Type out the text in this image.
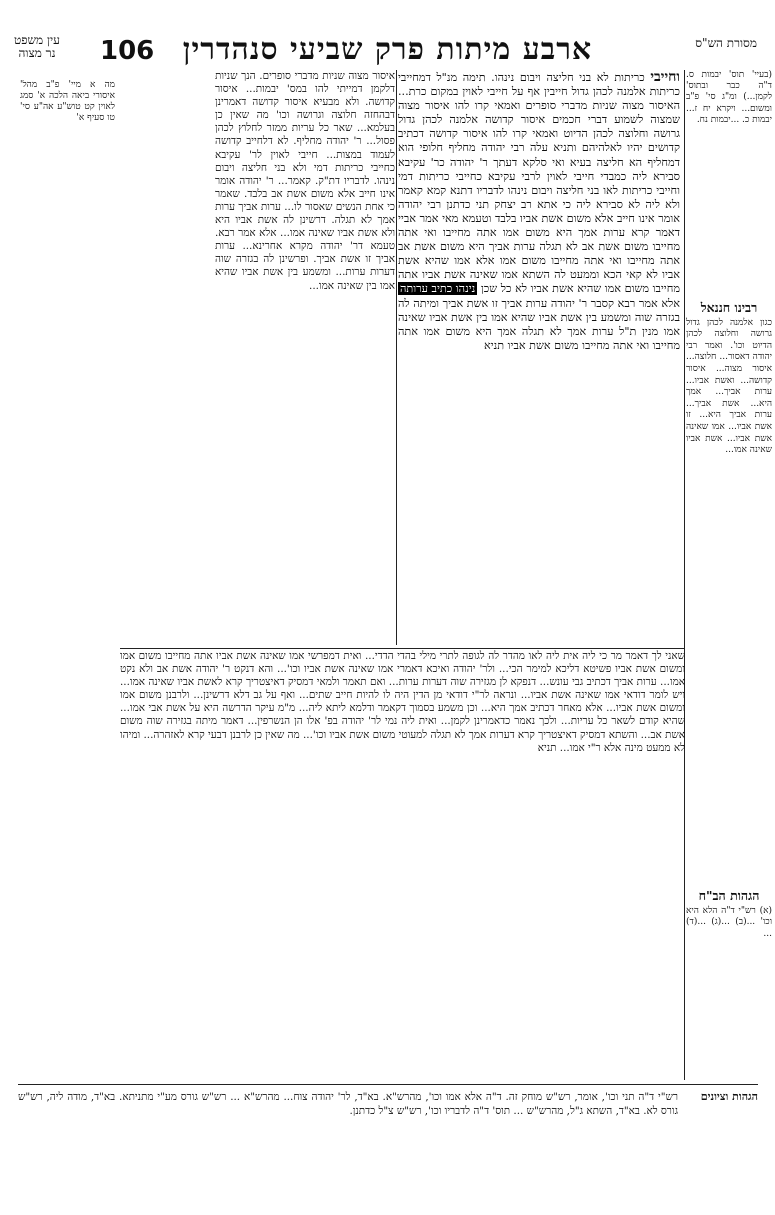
ארבע מיתות פרק שביעי סנהדרין
106	מסורת הש"ס
עין משפט
נר מצוה

מה א מיי' פ"ב מהל' איסורי ביאה הלכה א' סמג לאוין קט טוש"ע אה"ע סי' טו סעיף א'

(בעיי' תוס' יבמות ס. ד"ה כבר ובתוס' לקמן...) ומ"ג סי' פ"ב ומשום... ויקרא יח ז... יבמות כ. ...יבמות נח.

וחייבי כריתות לא בני חליצה ויבום נינהו. תימה מנ"ל דמחייבי כריתות אלמנה לכהן גדול חייבין אף על חייבי לאוין במקום כרת... האיסור מצוה שניות מדברי סופרים ואמאי קרו להו איסור מצוה שמצוה לשמוע דברי חכמים איסור קדושה אלמנה לכהן גדול גרושה וחלוצה לכהן הדיוט ואמאי קרו להו איסור קדושה דכתיב קדושים יהיו לאלהיהם ותניא עלה רבי יהודה מחליף חלופי הוא דמחליף הא חליצה בעיא ואי סלקא דעתך ר' יהודה כר' עקיבא סבירא ליה כמבדי חייבי לאוין לרבי עקיבא כחייבי כריתות דמי וחייבי כריתות לאו בני חליצה ויבום נינהו לדבריו דתנא קמא קאמר ולא ליה לא סבירא ליה כי אתא רב יצחק תני כדתנן רבי יהודה אומר אינו חייב אלא משום אשת אביו בלבד וטעמא מאי אמר אביי דאמר קרא ערות אמך היא משום אמו אתה מחייבו ואי אתה מחייבו משום אשת אב לא תגלה ערות אביך היא משום אשת אב אתה מחייבו ואי אתה מחייבו משום אמו אלא אמו שהיא אשת אביו לא קאי הכא וממעט לה השתא אמו שאינה אשת אביו אתה מחייבו משום אמו שהיא אשת אביו לא כל שכן נינהו כתיב ערותה אלא אמר רבא קסבר ר' יהודה ערות אביך זו אשת אביך ומיתה לה בגזרה שוה ומשמע בין אשת אביו שהיא אמו בין אשת אביו שאינה אמו מנין ת"ל ערות אמך לא תגלה אמך היא משום אמו אתה מחייבו ואי אתה מחייבו משום אשת אביו תניא

איסור מצוה שניות מדברי סופרים. הנך שניות דלקמן דמייתי להו במס' יבמות... איסור קדושה. ולא מבעיא איסור קדושה דאמרינן דבהחזה חלוצה וגרושה וכו' מה שאין כן בעלמא... שאר כל עריות ממזר לחלוץ לכהן פסול... ר' יהודה מחליף. לא דלחייב קדושה לעמוד במצות... חייבי לאוין לר' עקיבא כחייבי כריתות דמי ולא בני חליצה ויבום נינהו. לדבריו דת"ק. קאמר... ר' יהודה אומר אינו חייב אלא משום אשת אב בלבד. שאמר כי אחת הנשים שאסור לו... ערות אביך ערות אמך לא תגלה. דרשינן לה אשת אביו היא ולא אשת אביו שאינה אמו... אלא אמר רבא. טעמא דר' יהודה מקרא אחרינא... ערות אביך זו אשת אביך. ופרשינן לה בגזרה שוה דערות ערות... ומשמע בין אשת אביו שהיא אמו בין שאינה אמו...

שאני לך דאמר מר כי ליה אית ליה לאו מהדר לה לגופה לתרי מילי בהדי הדדי... ואית דמפרשי אמו שאינה אשת אביו אתה מחייבו משום אמו ומשום אשת אביו פשיטא דליכא למימר הכי... ולר' יהודה ואיכא דאמרי אמו שאינה אשת אביו וכו'... והא דנקט ר' יהודה אשת אב ולא נקט אמו... ערות אביך דכתיב גבי עונש... דנפקא לן מגזירה שוה דערות ערות... ואם תאמר ולמאי דמסיק דאיצטריך קרא לאשת אביו שאינה אמו... ויש לומר דודאי אמו שאינה אשת אביו... ונראה לר"י דודאי מן הדין היה לו להיות חייב שתים... ואף על גב דלא דרשינן... ולרבנן משום אמו ומשום אשת אביו... אלא מאחר דכתיב אמך היא... וכן משמע בסמוך דקאמר ודלמא ליתא ליה... מ"מ עיקר הדרשה היא על אשת אבי אמו... שהיא קודם לשאר כל עריות... ולכך נאמר כדאמרינן לקמן... ואית ליה נמי לר' יהודה בפ' אלו הן הנשרפין... דאמר מיתה בגזירה שוה משום אשת אב... והשתא דמסיק דאיצטריך קרא דערות אמך לא תגלה למעוטי משום אשת אביו וכו'... מה שאין כן לרבנן דבעי קרא לאזהרה... ומיהו לא ממעט מינה אלא ר"י אמו... תניא

רבינו חננאל

כגון אלמנה לכהן גדול גרושה וחלוצה לכהן הדיוט וכו'. ואמר רבי יהודה דאסור... חלוצה... איסור מצוה... איסור קדושה... ואשת אביו... ערות אביך... אמך היא... אשת אביך... ערות אביך היא... זו אשת אביו... אמו שאינה אשת אביו... אשת אביו שאינה אמו...

הגהות הב"ח

(א) רש"י ד"ה הלא היא וכו' ...(ב) ...(ג) ...(ד) ...

הגהות וציונים
רש"י ד"ה תני וכו', אומר, רש"ש מוחק זה. ד"ה אלא אמו וכו', מהרש"א. בא"ד, לר' יהודה צוח... מהרש"א ... רש"ש גורס מע"י מתניתא. בא"ד, מודה ליה, רש"ש גורס לא. בא"ד, השתא ג"ל, מהרש"ש ... תוס' ד"ה לדבריו וכו', רש"ש צ"ל כדתנן.
